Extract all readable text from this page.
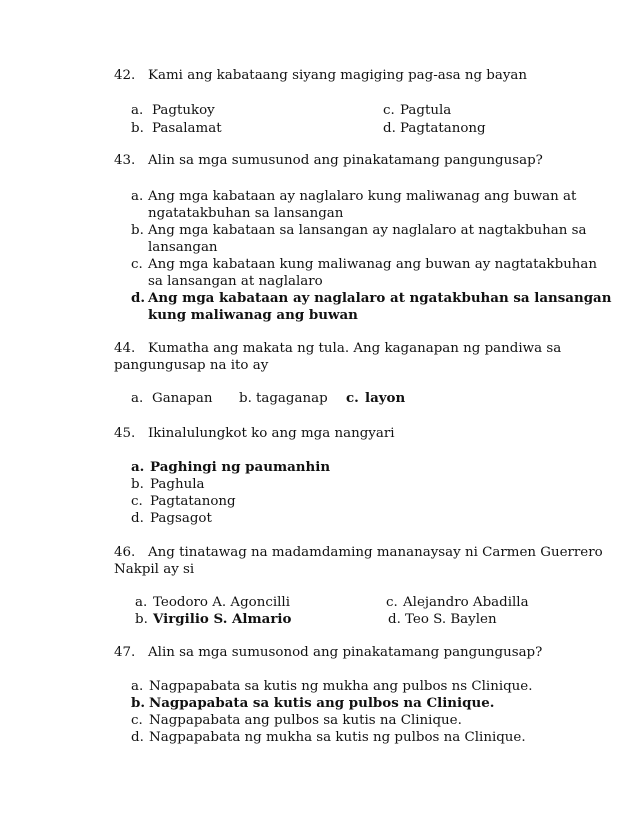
42. Kami ang kabataang siyang magiging pag-asa ng bayan
a. Pagtukoy	c. Pagtula
b. Pasalamat	d. Pagtatanong
43. Alin sa mga sumusunod ang pinakatamang pangungusap?
a. Ang mga kabataan ay naglalaro kung maliwanag ang buwan at
ngatatakbuhan sa lansangan
b. Ang mga kabataan sa lansangan ay naglalaro at nagtakbuhan sa
lansangan
c. Ang mga kabataan kung maliwanag ang buwan ay nagtatakbuhan
sa lansangan at naglalaro
d. Ang mga kabataan ay naglalaro at ngatakbuhan sa lansangan
kung maliwanag ang buwan
44. Kumatha ang makata ng tula. Ang kaganapan ng pandiwa sa
pangungusap na ito ay
a. Ganapan b. tagaganap c. layon
45. Ikinalulungkot ko ang mga nangyari
a. Paghingi ng paumanhin
b. Paghula
c. Pagtatanong
d. Pagsagot
46. Ang tinatawag na madamdaming mananaysay ni Carmen Guerrero
Nakpil ay si
a. Teodoro A. Agoncilli	c. Alejandro Abadilla
b. Virgilio S. Almario	d. Teo S. Baylen
47. Alin sa mga sumusonod ang pinakatamang pangungusap?
a. Nagpapabata sa kutis ng mukha ang pulbos ns Clinique.
b. Nagpapabata sa kutis ang pulbos na Clinique.
c. Nagpapabata ang pulbos sa kutis na Clinique.
d. Nagpapabata ng mukha sa kutis ng pulbos na Clinique.
